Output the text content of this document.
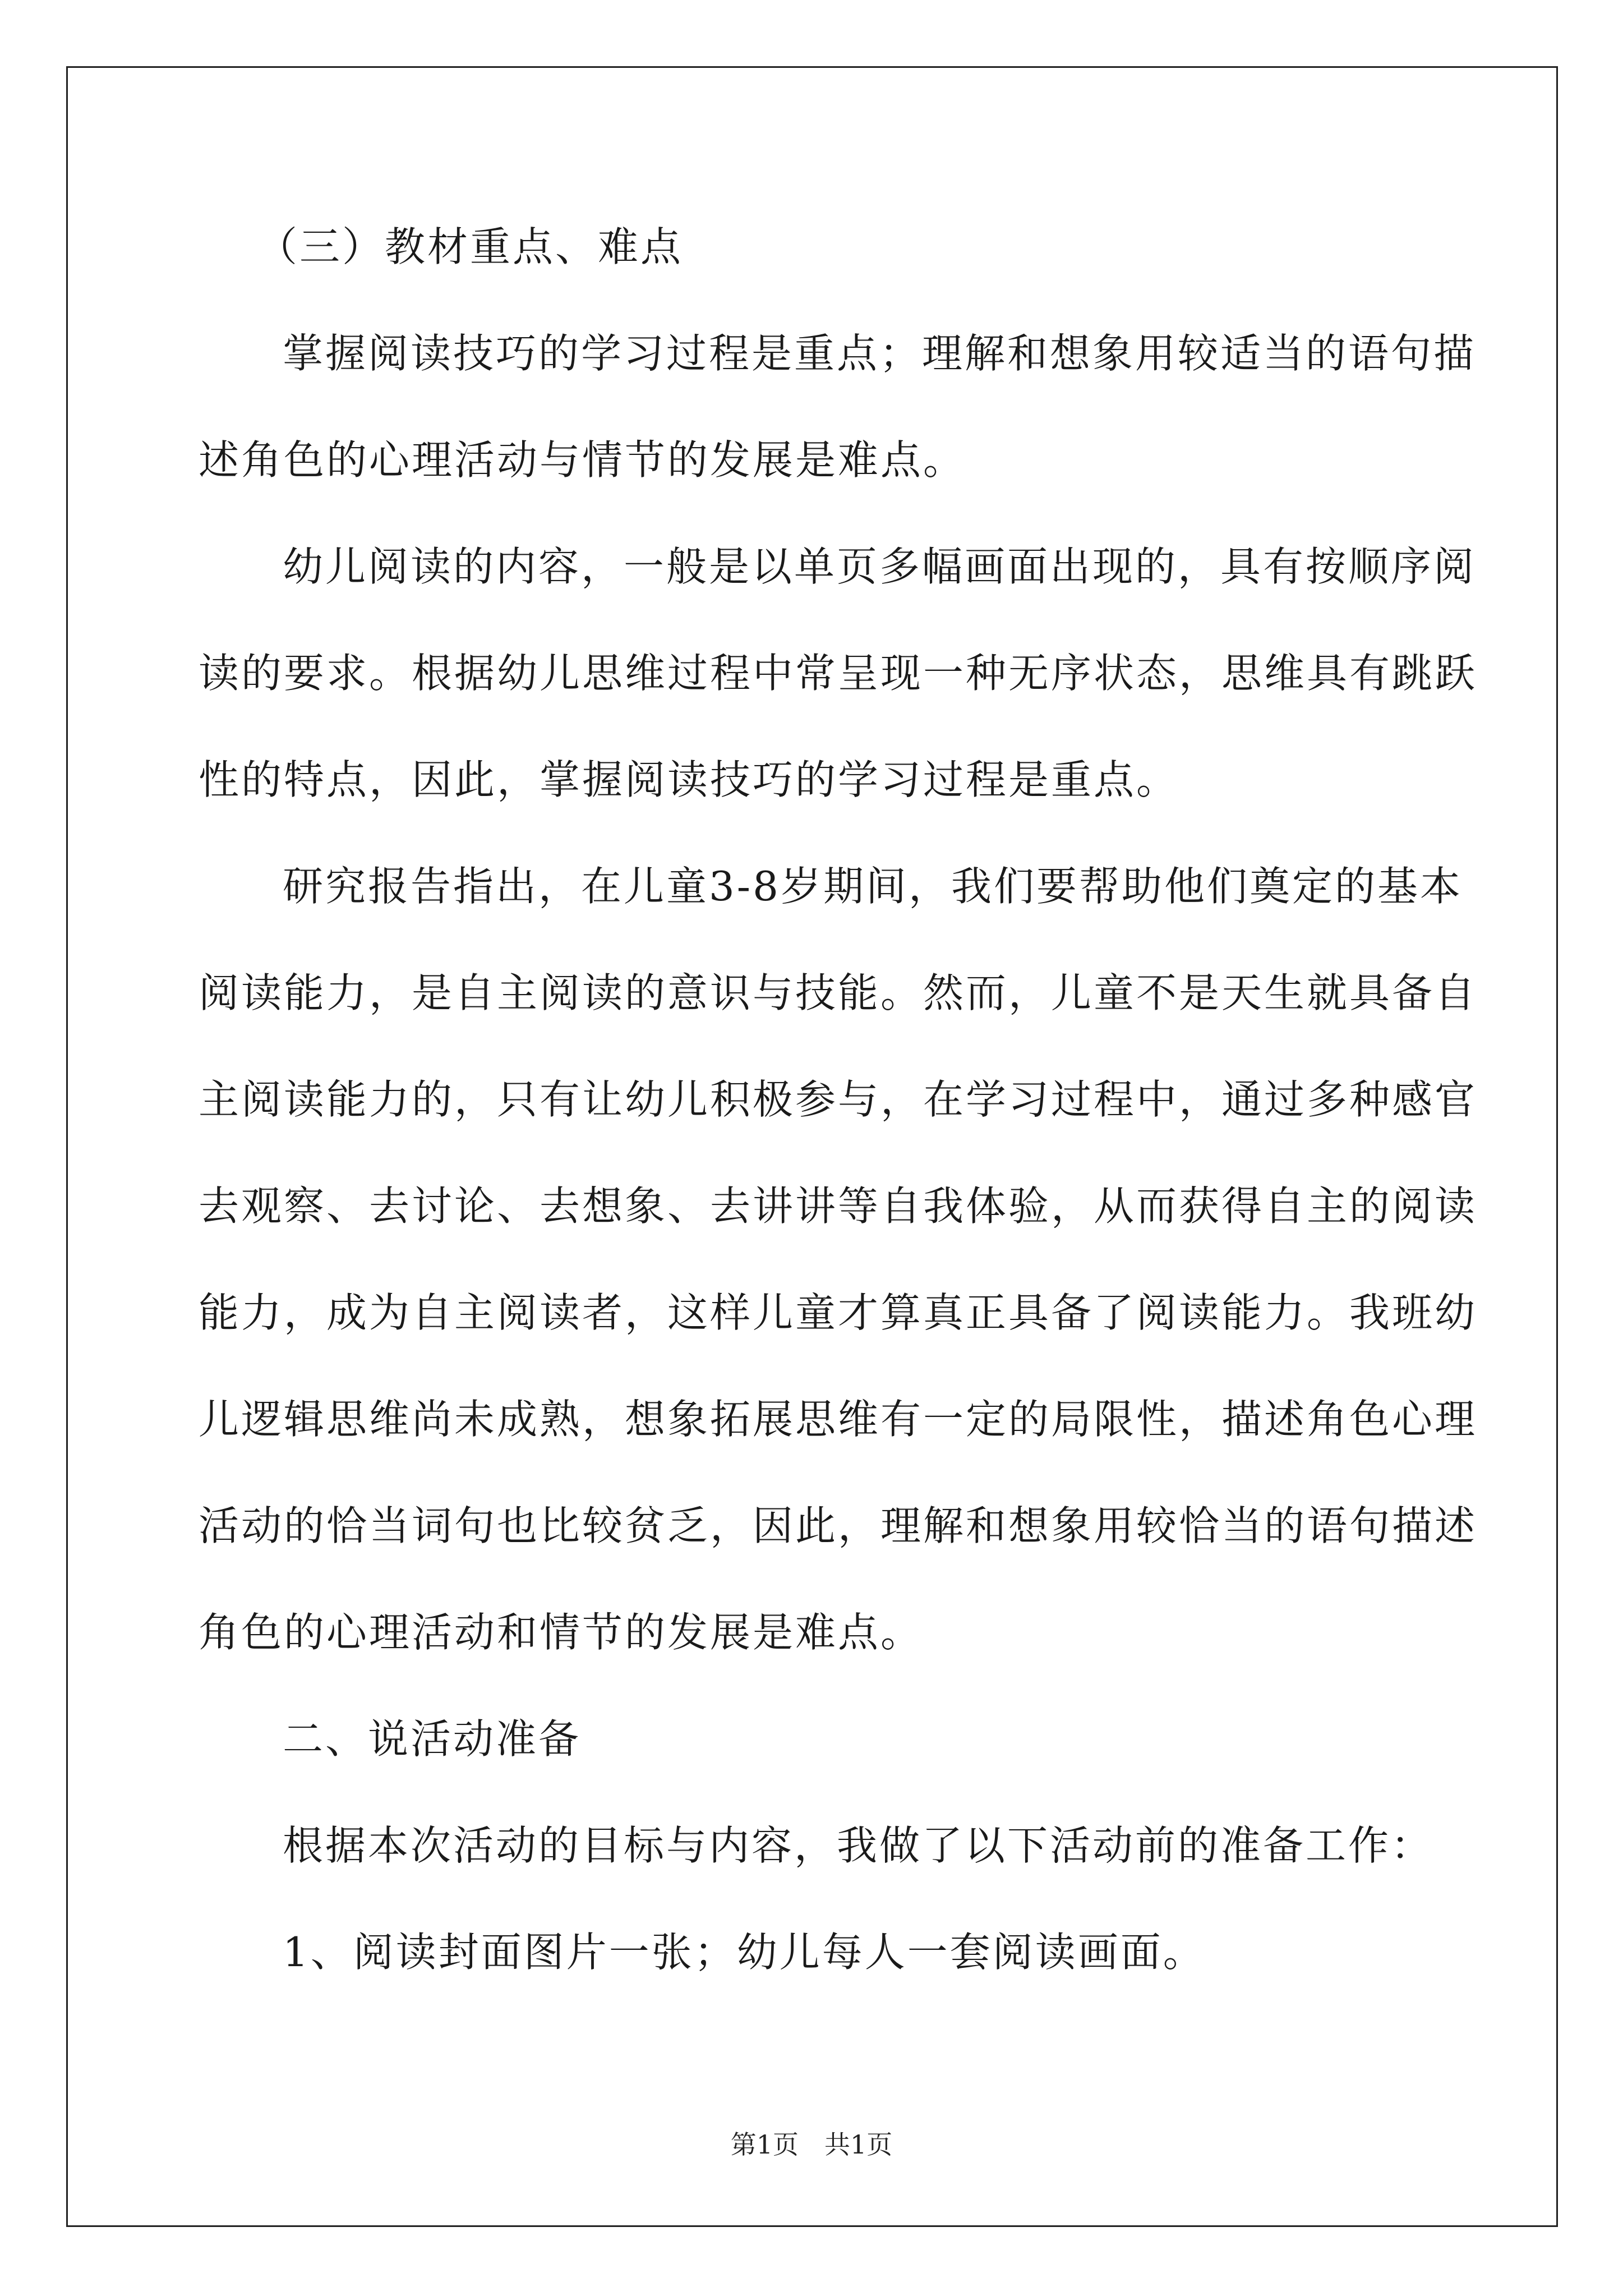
（三）教材重点、难点
掌握阅读技巧的学习过程是重点；理解和想象用较适当的语句描
述角色的心理活动与情节的发展是难点。
幼儿阅读的内容，一般是以单页多幅画面出现的，具有按顺序阅
读的要求。根据幼儿思维过程中常呈现一种无序状态，思维具有跳跃
性的特点，因此，掌握阅读技巧的学习过程是重点。
研究报告指出，在儿童3-8岁期间，我们要帮助他们奠定的基本
阅读能力，是自主阅读的意识与技能。然而，儿童不是天生就具备自
主阅读能力的，只有让幼儿积极参与，在学习过程中，通过多种感官
去观察、去讨论、去想象、去讲讲等自我体验，从而获得自主的阅读
能力，成为自主阅读者，这样儿童才算真正具备了阅读能力。我班幼
儿逻辑思维尚未成熟，想象拓展思维有一定的局限性，描述角色心理
活动的恰当词句也比较贫乏，因此，理解和想象用较恰当的语句描述
角色的心理活动和情节的发展是难点。
二、说活动准备
根据本次活动的目标与内容，我做了以下活动前的准备工作：
1、阅读封面图片一张；幼儿每人一套阅读画面。
第1页　共1页
